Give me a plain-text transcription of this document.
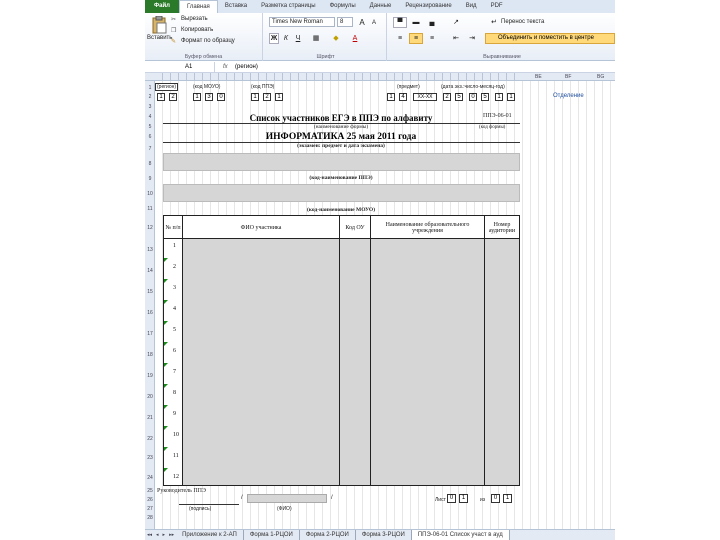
Файл	Главная	Вставка	Разметка страницы	Формулы	Данные	Рецензирование	Вид	PDF
Вставить
✂ Вырезать
❐ Копировать
✎ Формат по образцу
Буфер обмена
Times New Roman	8	A	A
Ж К	Ч	▦	◆	A
Шрифт
▀	▬	▄	↗	↵ Перенос текста
≡	≡	≡	⇤	⇥
Выравнивание
Объединить и поместить в центре
A1	fx (регион)
BE	BF	BG
1
2
3
4
5
6
7
8
9
10
11
12
13
14
15
16
17
18
19
20
21
22
23
24
25
26
27
28
(регион)	(код МОУО)	(код ППЭ)	(предмет)	(дата экз.:число-месяц-год)
Отделение
1	2	1	3	0	1	2	1	1	4	XX-XX	2	5	0	5	1	1
Список участников ЕГЭ в ППЭ по алфавиту	ППЭ-06-01
(наименование формы)	(код формы)
ИНФОРМАТИКА 25 мая 2011 года
(экзамен: предмет и дата экзамена)
(код-наименование ППЭ)
(код-наименование МОУО)
№ п/п	ФИО участника	Код ОУ	Наименование образовательного учреждения
Номер аудитории
1
2
3
4
5
6
7
8
9
10
11
12
Руководитель ППЭ
/	/
(подпись)	(ФИО)
Лист 0	1	из	0	1
◂◂ ◂ ▸ ▸▸	Приложение к 2-АП	Форма 1-РЦОИ	Форма 2-РЦОИ	Форма 3-РЦОИ	ППЭ-06-01 Список участ в ауд
